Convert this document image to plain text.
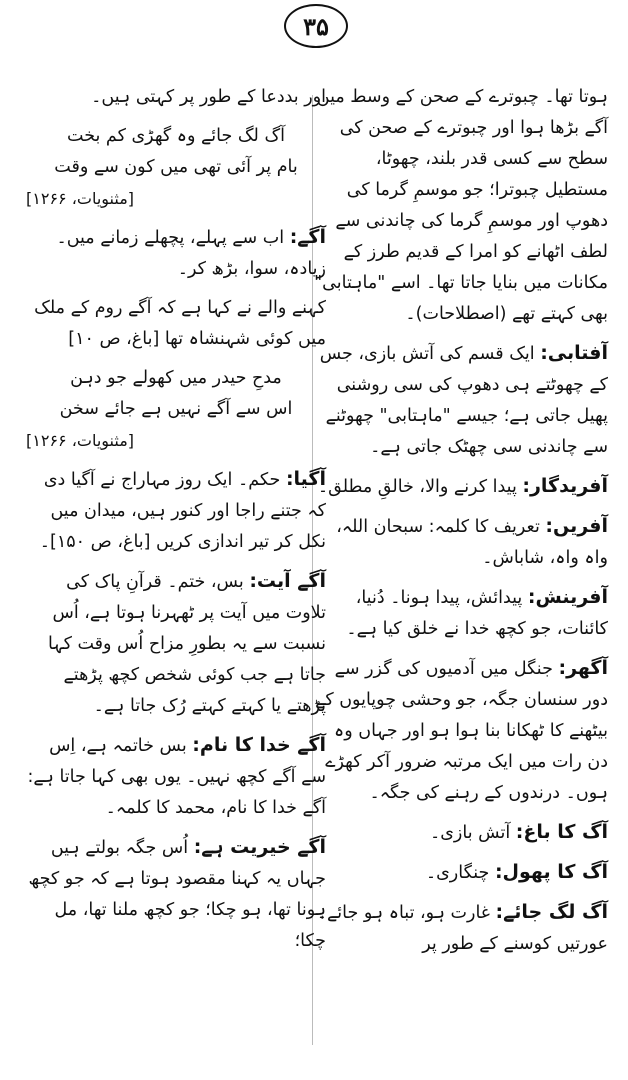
۳۵

ہوتا تھا۔ چبوترے کے صحن کے وسط میں آگے بڑھا ہوا اور چبوترے کے صحن کی سطح سے کسی قدر بلند، چھوٹا، مستطیل چبوترا؛ جو موسمِ گرما کی دھوپ اور موسمِ گرما کی چاندنی سے لطف اٹھانے کو امرا کے قدیم طرز کے مکانات میں بنایا جاتا تھا۔ اسے "ماہتابی" بھی کہتے تھے (اصطلاحات)۔

آفتابی: ایک قسم کی آتش بازی، جس کے چھوٹتے ہی دھوپ کی سی روشنی پھیل جاتی ہے؛ جیسے "ماہتابی" چھوٹنے سے چاندنی سی چھٹک جاتی ہے۔

آفریدگار: پیدا کرنے والا، خالقِ مطلق۔

آفریں: تعریف کا کلمہ: سبحان اللہ، واہ واہ، شاباش۔

آفرینش: پیدائش، پیدا ہونا۔ دُنیا، کائنات، جو کچھ خدا نے خلق کیا ہے۔

آگھر: جنگل میں آدمیوں کی گزر سے دور سنسان جگہ، جو وحشی چوپایوں کے بیٹھنے کا ٹھکانا بنا ہوا ہو اور جہاں وہ دن رات میں ایک مرتبہ ضرور آکر کھڑے ہوں۔ درندوں کے رہنے کی جگہ۔

آگ کا باغ: آتش بازی۔

آگ کا پھول: چنگاری۔

آگ لگ جائے: غارت ہو، تباہ ہو جائے۔ عورتیں کوسنے کے طور پر

اور بددعا کے طور پر کہتی ہیں۔

آگ لگ جائے وہ گھڑی کم بخت

بام پر آئی تھی میں کون سے وقت

[مثنویات، ۱۲۶۶]

آگے: اب سے پہلے، پچھلے زمانے میں۔ زیادہ، سوا، بڑھ کر۔

کہنے والے نے کہا ہے کہ آگے روم کے ملک میں کوئی شہنشاہ تھا [باغ، ص ۱۰]

مدحِ حیدر میں کھولے جو دہن

اس سے آگے نہیں ہے جائے سخن

[مثنویات، ۱۲۶۶]

آگیا: حکم۔ ایک روز مہاراج نے آگیا دی کہ جتنے راجا اور کنور ہیں، میدان میں نکل کر تیر اندازی کریں [باغ، ص ۱۵۰]۔

آگے آیت: بس، ختم۔ قرآنِ پاک کی تلاوت میں آیت پر ٹھہرنا ہوتا ہے، اُس نسبت سے یہ بطورِ مزاح اُس وقت کہا جاتا ہے جب کوئی شخص کچھ پڑھتے پڑھتے یا کہتے کہتے رُک جاتا ہے۔

آگے خدا کا نام: بس خاتمہ ہے، اِس سے آگے کچھ نہیں۔ یوں بھی کہا جاتا ہے: آگے خدا کا نام، محمد کا کلمہ۔

آگے خیریت ہے: اُس جگہ بولتے ہیں جہاں یہ کہنا مقصود ہوتا ہے کہ جو کچھ ہونا تھا، ہو چکا؛ جو کچھ ملنا تھا، مل چکا؛
